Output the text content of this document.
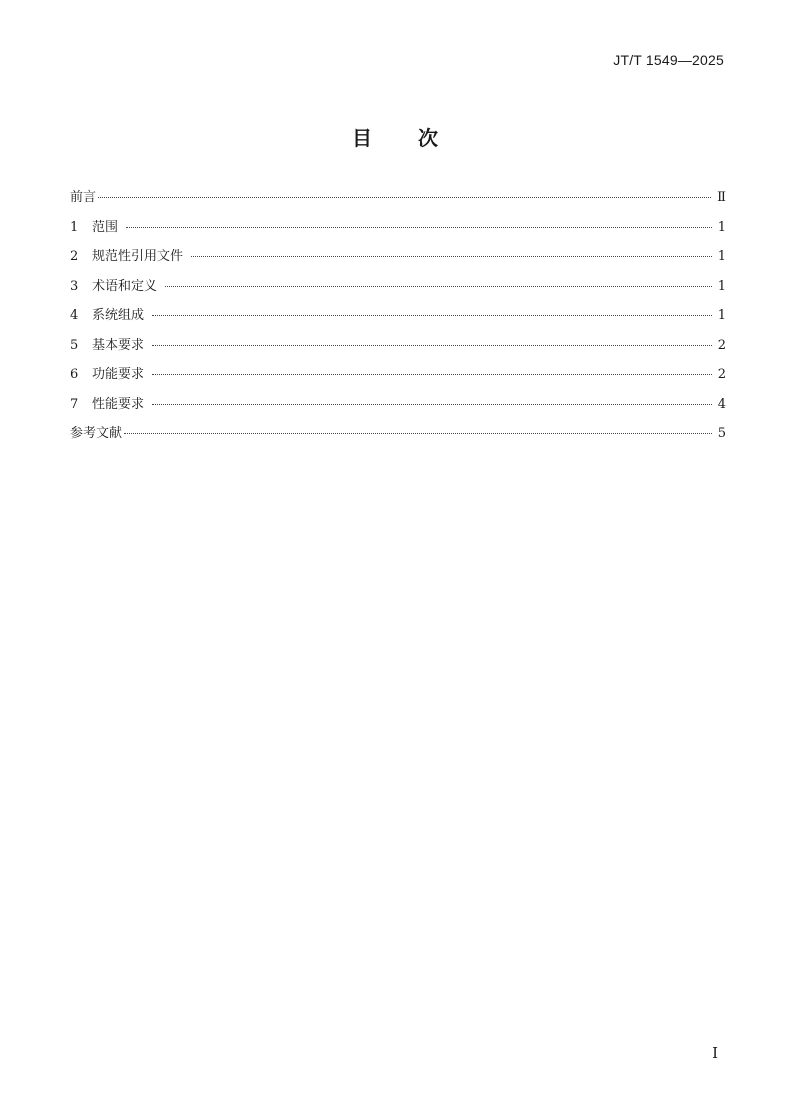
JT/T 1549—2025
目次
前言	Ⅱ
1	范围	1
2	规范性引用文件	1
3	术语和定义	1
4	系统组成	1
5	基本要求	2
6	功能要求	2
7	性能要求	4
参考文献	5
Ⅰ
